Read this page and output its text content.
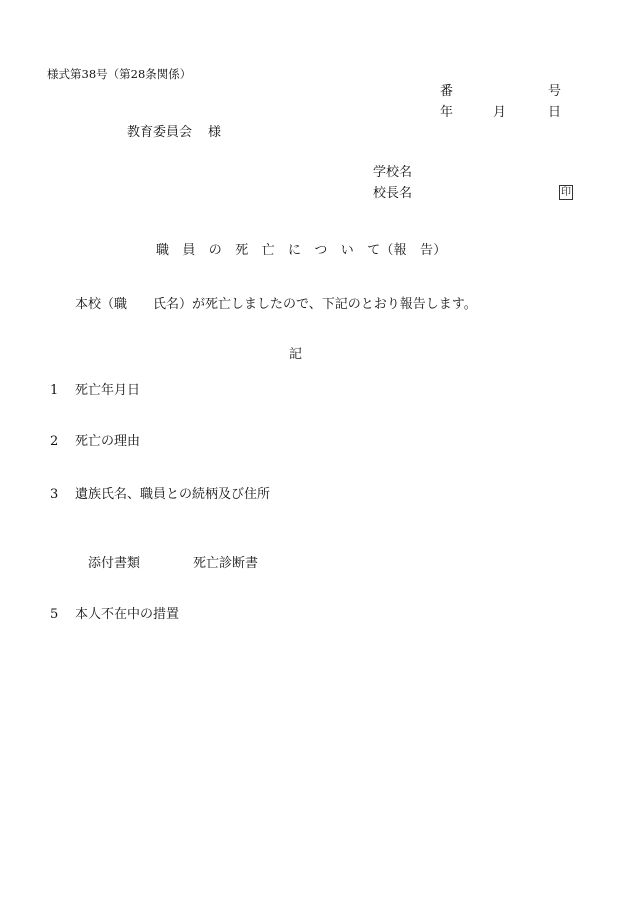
様式第38号（第28条関係）
番	号
年	月	日
教育委員会 様
学校名
校長名	印
職　員　の　死　亡　に　つ　い　て（報　告）
本校（職　　氏名）が死亡しましたので、下記のとおり報告します。
記
1 死亡年月日
2 死亡の理由
3 遺族氏名、職員との続柄及び住所
添付書類	死亡診断書
5 本人不在中の措置
